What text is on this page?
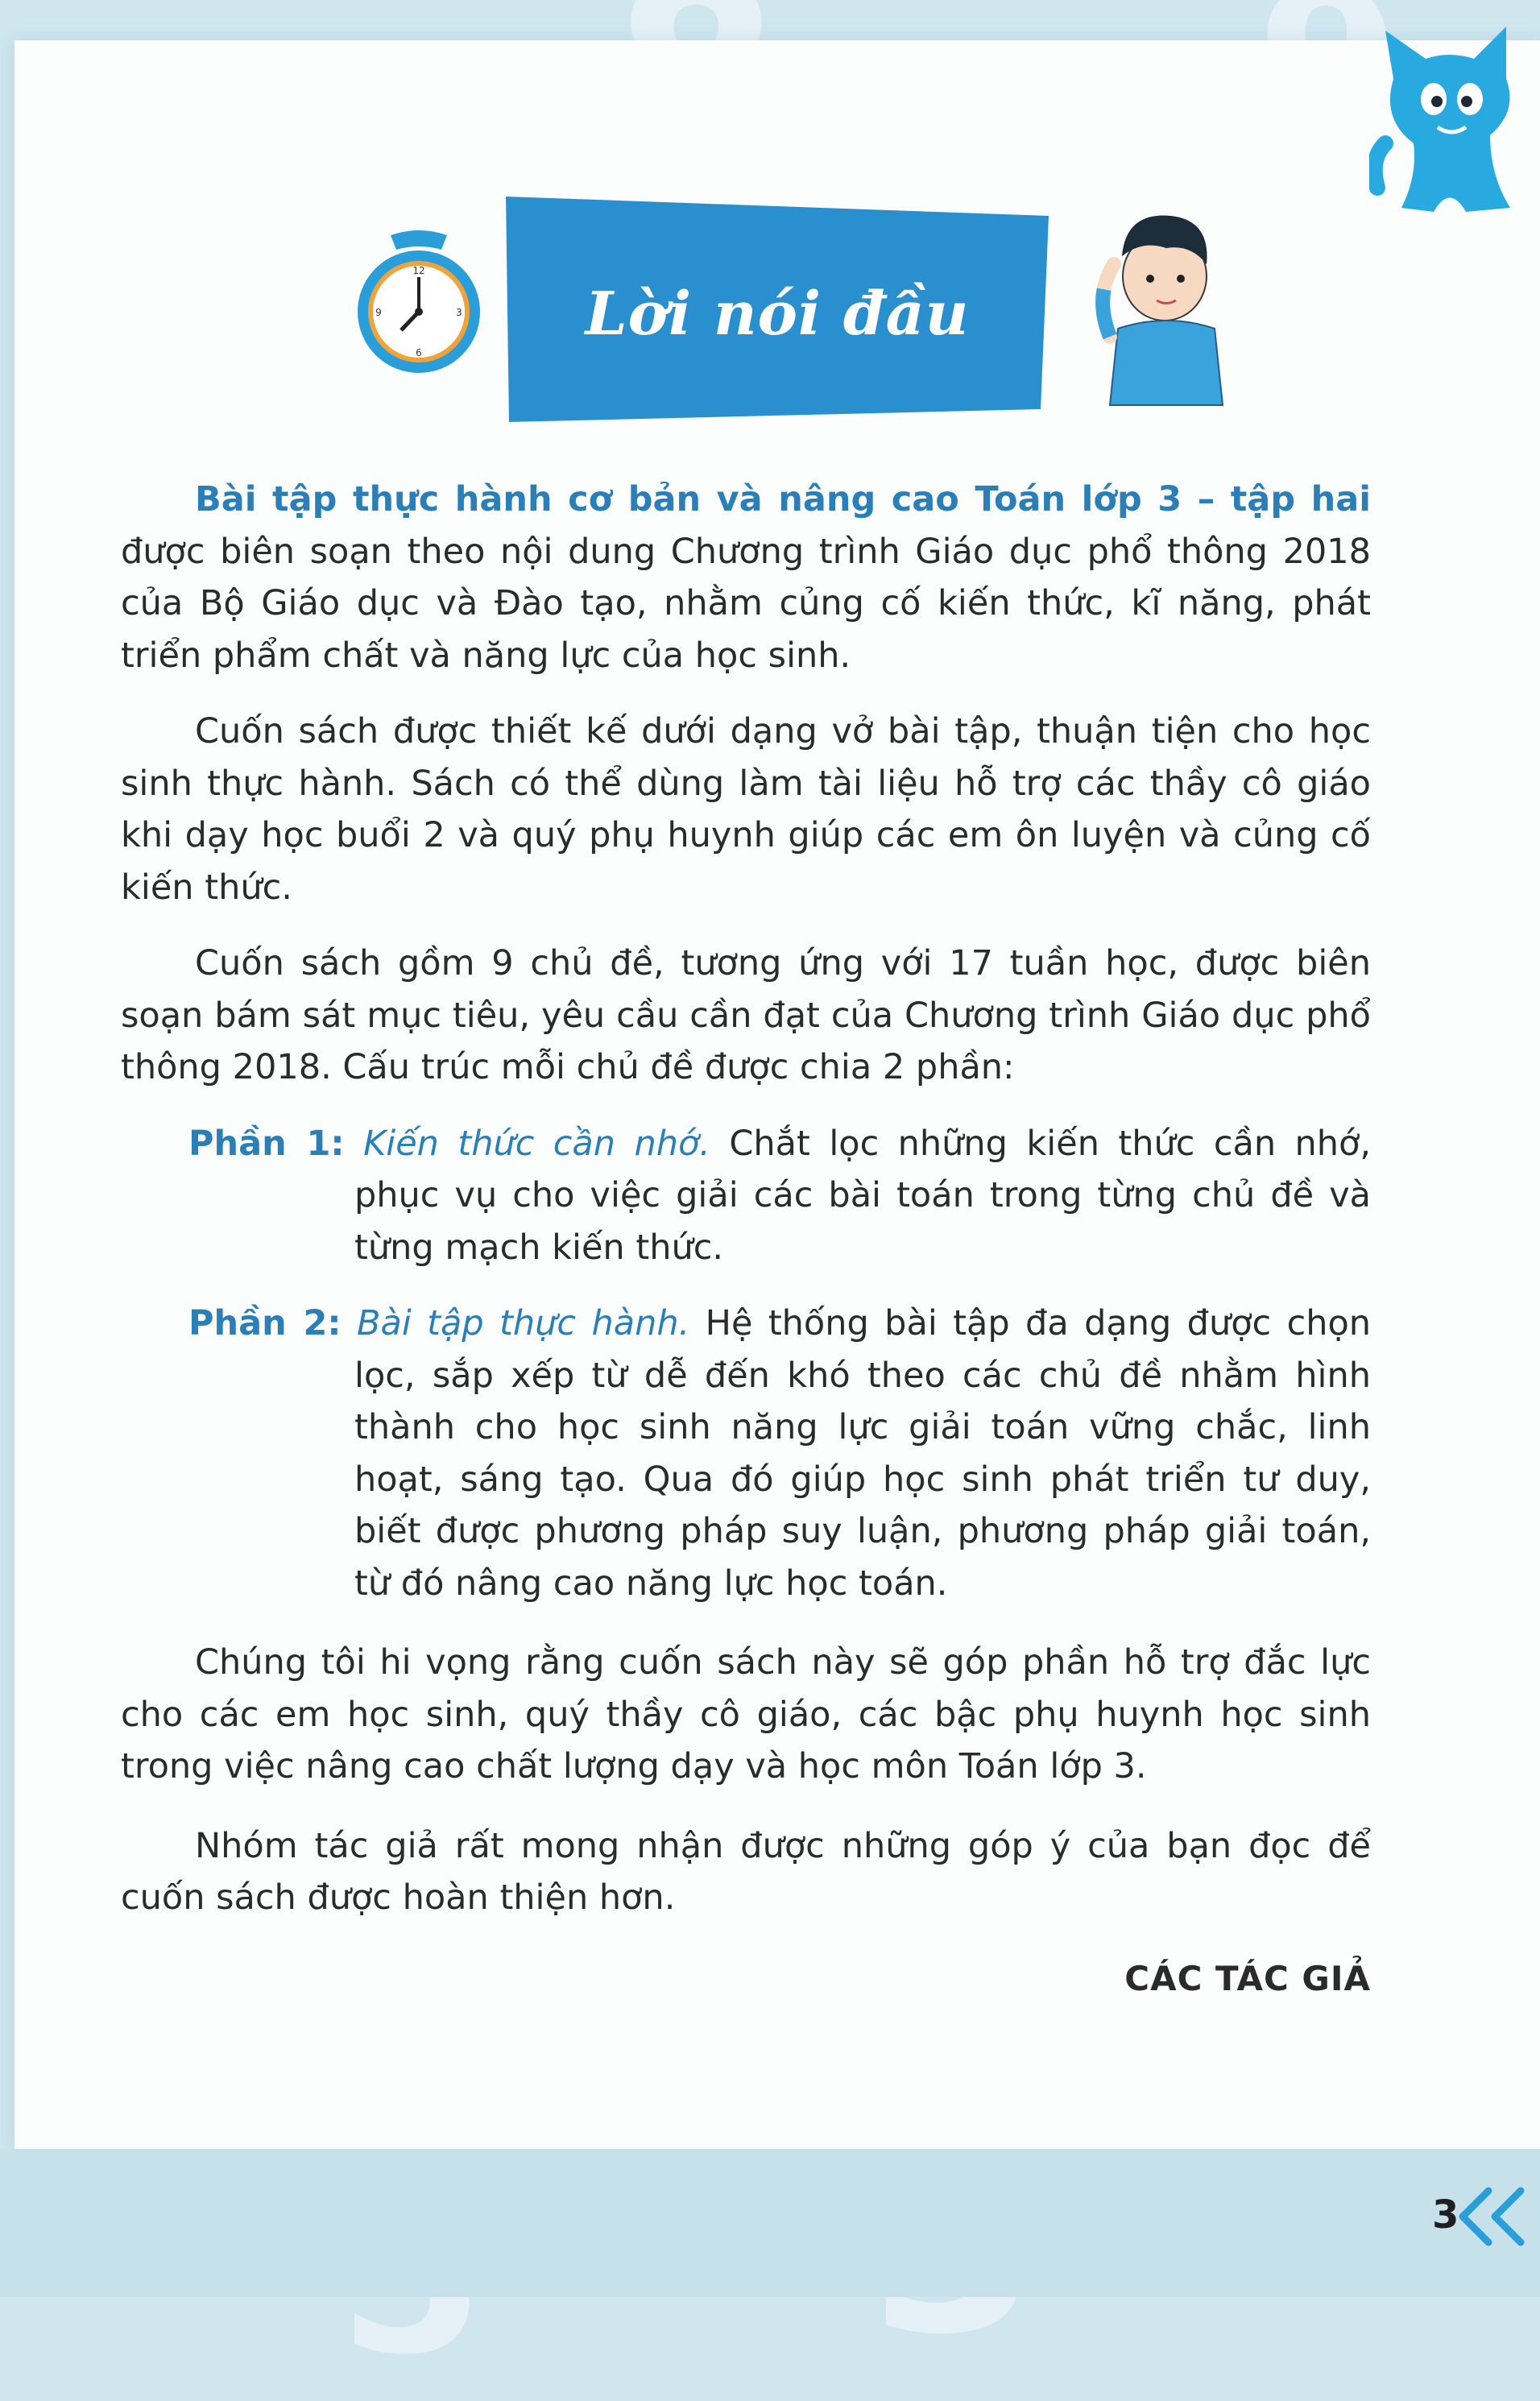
12
6
3
9	Lời nói đầu

Bài tập thực hành cơ bản và nâng cao Toán lớp 3 – tập hai được biên soạn theo nội dung Chương trình Giáo dục phổ thông 2018 của Bộ Giáo dục và Đào tạo, nhằm củng cố kiến thức, kĩ năng, phát triển phẩm chất và năng lực của học sinh.

Cuốn sách được thiết kế dưới dạng vở bài tập, thuận tiện cho học sinh thực hành. Sách có thể dùng làm tài liệu hỗ trợ các thầy cô giáo khi dạy học buổi 2 và quý phụ huynh giúp các em ôn luyện và củng cố kiến thức.

Cuốn sách gồm 9 chủ đề, tương ứng với 17 tuần học, được biên soạn bám sát mục tiêu, yêu cầu cần đạt của Chương trình Giáo dục phổ thông 2018. Cấu trúc mỗi chủ đề được chia 2 phần:

Phần 1: Kiến thức cần nhớ. Chắt lọc những kiến thức cần nhớ, phục vụ cho việc giải các bài toán trong từng chủ đề và từng mạch kiến thức.
Phần 2: Bài tập thực hành. Hệ thống bài tập đa dạng được chọn lọc, sắp xếp từ dễ đến khó theo các chủ đề nhằm hình thành cho học sinh năng lực giải toán vững chắc, linh hoạt, sáng tạo. Qua đó giúp học sinh phát triển tư duy, biết được phương pháp suy luận, phương pháp giải toán, từ đó nâng cao năng lực học toán.

Chúng tôi hi vọng rằng cuốn sách này sẽ góp phần hỗ trợ đắc lực cho các em học sinh, quý thầy cô giáo, các bậc phụ huynh học sinh trong việc nâng cao chất lượng dạy và học môn Toán lớp 3.

Nhóm tác giả rất mong nhận được những góp ý của bạn đọc để cuốn sách được hoàn thiện hơn.

CÁC TÁC GIẢ
3
